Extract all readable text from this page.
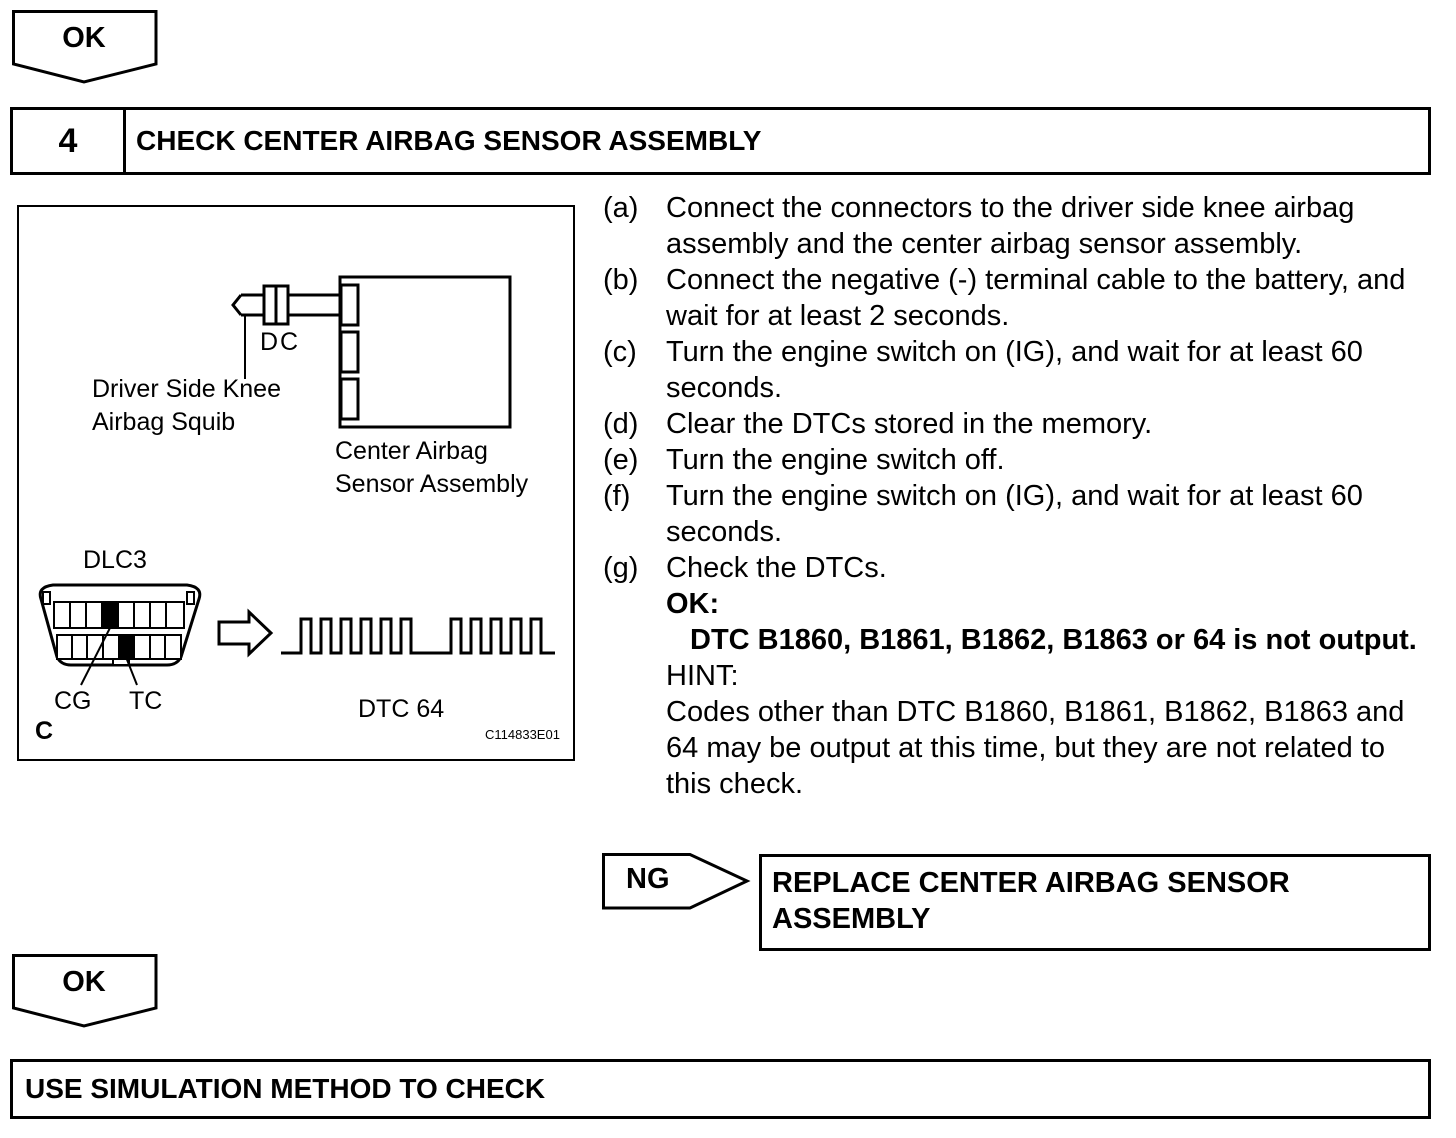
OK
4	CHECK CENTER AIRBAG SENSOR ASSEMBLY
DC
Driver Side Knee
Airbag Squib
Center Airbag
Sensor Assembly
DLC3
CG TC	DTC 64
C	C114833E01
(a) Connect the connectors to the driver side knee airbag assembly and the center airbag sensor assembly.
(b) Connect the negative (-) terminal cable to the battery, and wait for at least 2 seconds.
(c)	Turn the engine switch on (IG), and wait for at least 60 seconds.
(d) Clear the DTCs stored in the memory.
(e) Turn the engine switch off.
(f)	Turn the engine switch on (IG), and wait for at least 60 seconds.
(g) Check the DTCs.
OK:
DTC B1860, B1861, B1862, B1863 or 64 is not output.
HINT:
Codes other than DTC B1860, B1861, B1862, B1863 and 64 may be output at this time, but they are not related to this check.
NG	REPLACE CENTER AIRBAG SENSOR ASSEMBLY
OK
USE SIMULATION METHOD TO CHECK
